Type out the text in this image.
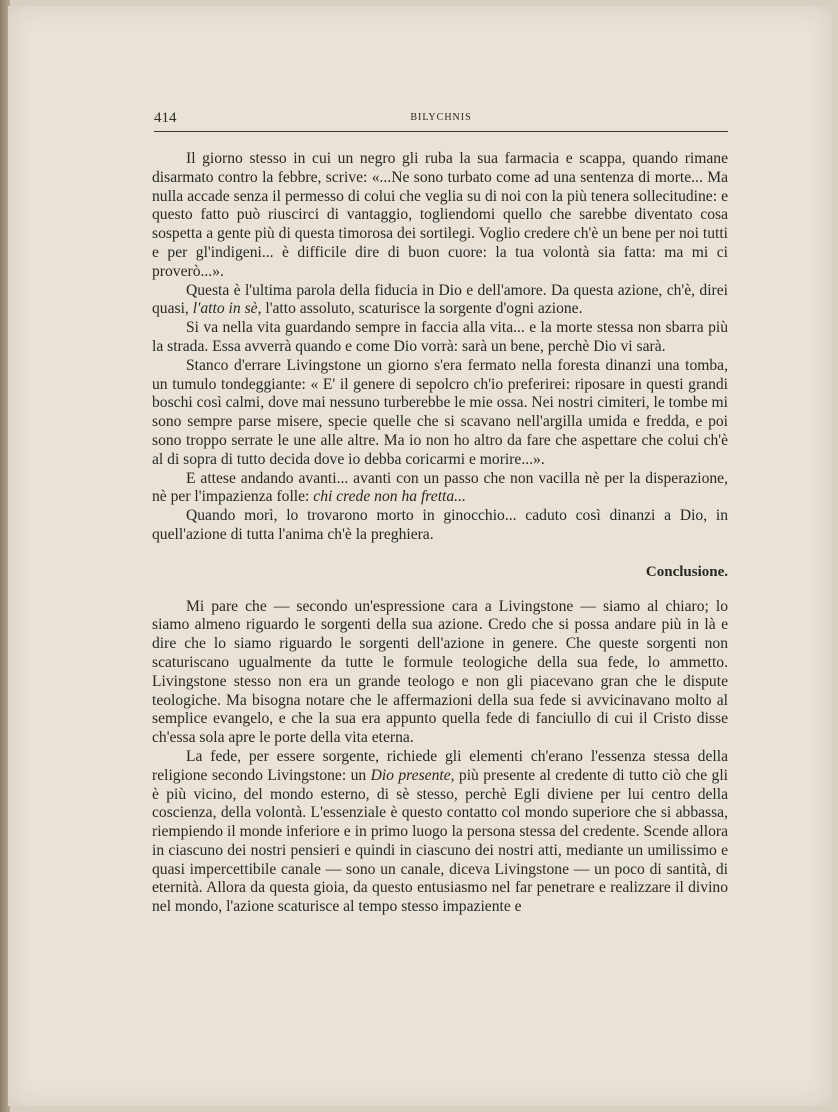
414	BILYCHNIS

Il giorno stesso in cui un negro gli ruba la sua farmacia e scappa, quando rimane disarmato contro la febbre, scrive: «...Ne sono turbato come ad una sentenza di morte... Ma nulla accade senza il permesso di colui che veglia su di noi con la più tenera sollecitudine: e questo fatto può riuscirci di vantaggio, togliendomi quello che sarebbe diventato cosa sospetta a gente più di questa timorosa dei sortilegi. Voglio credere ch'è un bene per noi tutti e per gl'indigeni... è difficile dire di buon cuore: la tua volontà sia fatta: ma mi ci proverò...».

Questa è l'ultima parola della fiducia in Dio e dell'amore. Da questa azione, ch'è, direi quasi, l'atto in sè, l'atto assoluto, scaturisce la sorgente d'ogni azione.

Si va nella vita guardando sempre in faccia alla vita... e la morte stessa non sbarra più la strada. Essa avverrà quando e come Dio vorrà: sarà un bene, perchè Dio vi sarà.

Stanco d'errare Livingstone un giorno s'era fermato nella foresta dinanzi una tomba, un tumulo tondeggiante: « E' il genere di sepolcro ch'io preferirei: riposare in questi grandi boschi così calmi, dove mai nessuno turberebbe le mie ossa. Nei nostri cimiteri, le tombe mi sono sempre parse misere, specie quelle che si scavano nell'argilla umida e fredda, e poi sono troppo serrate le une alle altre. Ma io non ho altro da fare che aspettare che colui ch'è al di sopra di tutto decida dove io debba coricarmi e morire...».

E attese andando avanti... avanti con un passo che non vacilla nè per la disperazione, nè per l'impazienza folle: chi crede non ha fretta...

Quando morì, lo trovarono morto in ginocchio... caduto così dinanzi a Dio, in quell'azione di tutta l'anima ch'è la preghiera.

Conclusione.

Mi pare che — secondo un'espressione cara a Livingstone — siamo al chiaro; lo siamo almeno riguardo le sorgenti della sua azione. Credo che si possa andare più in là e dire che lo siamo riguardo le sorgenti dell'azione in genere. Che queste sorgenti non scaturiscano ugualmente da tutte le formule teologiche della sua fede, lo ammetto. Livingstone stesso non era un grande teologo e non gli piacevano gran che le dispute teologiche. Ma bisogna notare che le affermazioni della sua fede si avvicinavano molto al semplice evangelo, e che la sua era appunto quella fede di fanciullo di cui il Cristo disse ch'essa sola apre le porte della vita eterna.

La fede, per essere sorgente, richiede gli elementi ch'erano l'essenza stessa della religione secondo Livingstone: un Dio presente, più presente al credente di tutto ciò che gli è più vicino, del mondo esterno, di sè stesso, perchè Egli diviene per lui centro della coscienza, della volontà. L'essenziale è questo contatto col mondo superiore che si abbassa, riempiendo il monde inferiore e in primo luogo la persona stessa del credente. Scende allora in ciascuno dei nostri pensieri e quindi in ciascuno dei nostri atti, mediante un umilissimo e quasi impercettibile canale — sono un canale, diceva Livingstone — un poco di santità, di eternità. Allora da questa gioia, da questo entusiasmo nel far penetrare e realizzare il divino nel mondo, l'azione scaturisce al tempo stesso impaziente e
